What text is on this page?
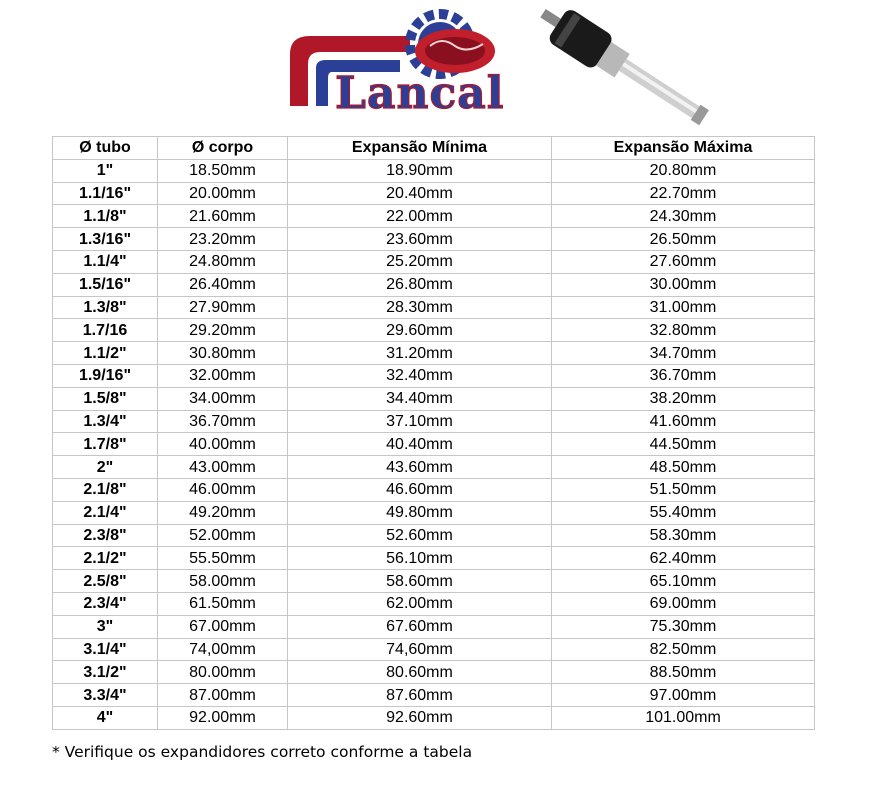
Lancal
Ø tubo	Ø corpo	Expansão Mínima	Expansão Máxima
1"	18.50mm	18.90mm	20.80mm
1.1/16"	20.00mm	20.40mm	22.70mm
1.1/8"	21.60mm	22.00mm	24.30mm
1.3/16"	23.20mm	23.60mm	26.50mm
1.1/4"	24.80mm	25.20mm	27.60mm
1.5/16"	26.40mm	26.80mm	30.00mm
1.3/8"	27.90mm	28.30mm	31.00mm
1.7/16	29.20mm	29.60mm	32.80mm
1.1/2"	30.80mm	31.20mm	34.70mm
1.9/16"	32.00mm	32.40mm	36.70mm
1.5/8"	34.00mm	34.40mm	38.20mm
1.3/4"	36.70mm	37.10mm	41.60mm
1.7/8"	40.00mm	40.40mm	44.50mm
2"	43.00mm	43.60mm	48.50mm
2.1/8"	46.00mm	46.60mm	51.50mm
2.1/4"	49.20mm	49.80mm	55.40mm
2.3/8"	52.00mm	52.60mm	58.30mm
2.1/2"	55.50mm	56.10mm	62.40mm
2.5/8"	58.00mm	58.60mm	65.10mm
2.3/4"	61.50mm	62.00mm	69.00mm
3"	67.00mm	67.60mm	75.30mm
3.1/4"	74,00mm	74,60mm	82.50mm
3.1/2"	80.00mm	80.60mm	88.50mm
3.3/4"	87.00mm	87.60mm	97.00mm
4"	92.00mm	92.60mm	101.00mm
* Verifique os expandidores correto conforme a tabela
